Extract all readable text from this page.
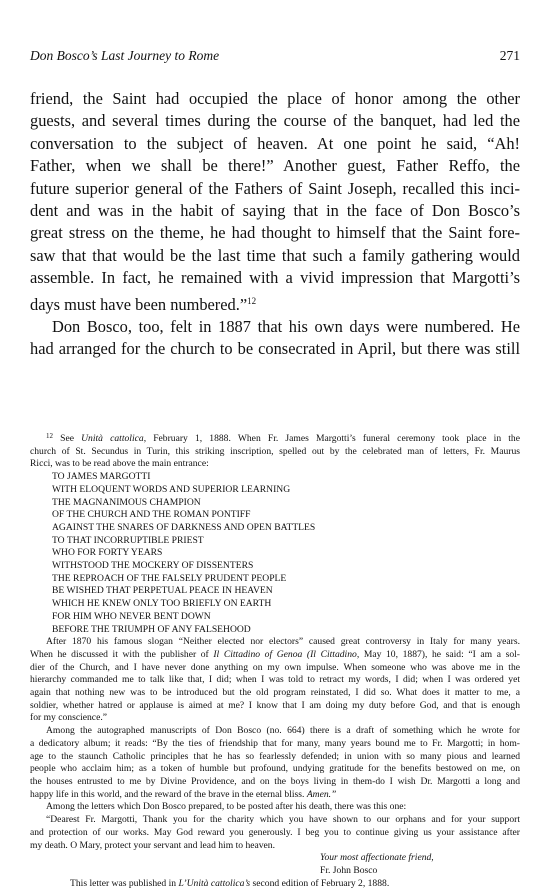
Don Bosco’s Last Journey to Rome	271

friend, the Saint had occupied the place of honor among the other
guests, and several times during the course of the banquet, had led the
conversation to the subject of heaven. At one point he said, “Ah!
Father, when we shall be there!” Another guest, Father Reffo, the
future superior general of the Fathers of Saint Joseph, recalled this inci-
dent and was in the habit of saying that in the face of Don Bosco’s
great stress on the theme, he had thought to himself that the Saint fore-
saw that that would be the last time that such a family gathering would
assemble. In fact, he remained with a vivid impression that Margotti’s
days must have been numbered.”$^{12}$

Don Bosco, too, felt in 1887 that his own days were numbered. He
had arranged for the church to be consecrated in April, but there was still

$^{12}$ See Unità cattolica, February 1, 1888. When Fr. James Margotti’s funeral ceremony took place in the
church of St. Secundus in Turin, this striking inscription, spelled out by the celebrated man of letters, Fr. Maurus
Ricci, was to be read above the main entrance:
TO JAMES MARGOTTI
WITH ELOQUENT WORDS AND SUPERIOR LEARNING
THE MAGNANIMOUS CHAMPION
OF THE CHURCH AND THE ROMAN PONTIFF
AGAINST THE SNARES OF DARKNESS AND OPEN BATTLES
TO THAT INCORRUPTIBLE PRIEST
WHO FOR FORTY YEARS
WITHSTOOD THE MOCKERY OF DISSENTERS
THE REPROACH OF THE FALSELY PRUDENT PEOPLE
BE WISHED THAT PERPETUAL PEACE IN HEAVEN
WHICH HE KNEW ONLY TOO BRIEFLY ON EARTH
FOR HIM WHO NEVER BENT DOWN
BEFORE THE TRIUMPH OF ANY FALSEHOOD
After 1870 his famous slogan “Neither elected nor electors” caused great controversy in Italy for many years.
When he discussed it with the publisher of Il Cittadino of Genoa (Il Cittadino, May 10, 1887), he said: “I am a sol-
dier of the Church, and I have never done anything on my own impulse. When someone who was above me in the
hierarchy commanded me to talk like that, I did; when I was told to retract my words, I did; when I was ordered yet
again that nothing new was to be introduced but the old program reinstated, I did so. What does it matter to me, a
soldier, whether hatred or applause is aimed at me? I know that I am doing my duty before God, and that is enough
for my conscience.”
Among the autographed manuscripts of Don Bosco (no. 664) there is a draft of something which he wrote for
a dedicatory album; it reads: “By the ties of friendship that for many, many years bound me to Fr. Margotti; in hom-
age to the staunch Catholic principles that he has so fearlessly defended; in union with so many pious and learned
people who acclaim him; as a token of humble but profound, undying gratitude for the benefits bestowed on me, on
the houses entrusted to me by Divine Providence, and on the boys living in them-do I wish Dr. Margotti a long and
happy life in this world, and the reward of the brave in the eternal bliss. Amen.”
Among the letters which Don Bosco prepared, to be posted after his death, there was this one:
“Dearest Fr. Margotti, Thank you for the charity which you have shown to our orphans and for your support
and protection of our works. May God reward you generously. I beg you to continue giving us your assistance after
my death. O Mary, protect your servant and lead him to heaven.
Your most affectionate friend,
Fr. John Bosco
This letter was published in L’Unità cattolica’s second edition of February 2, 1888.
